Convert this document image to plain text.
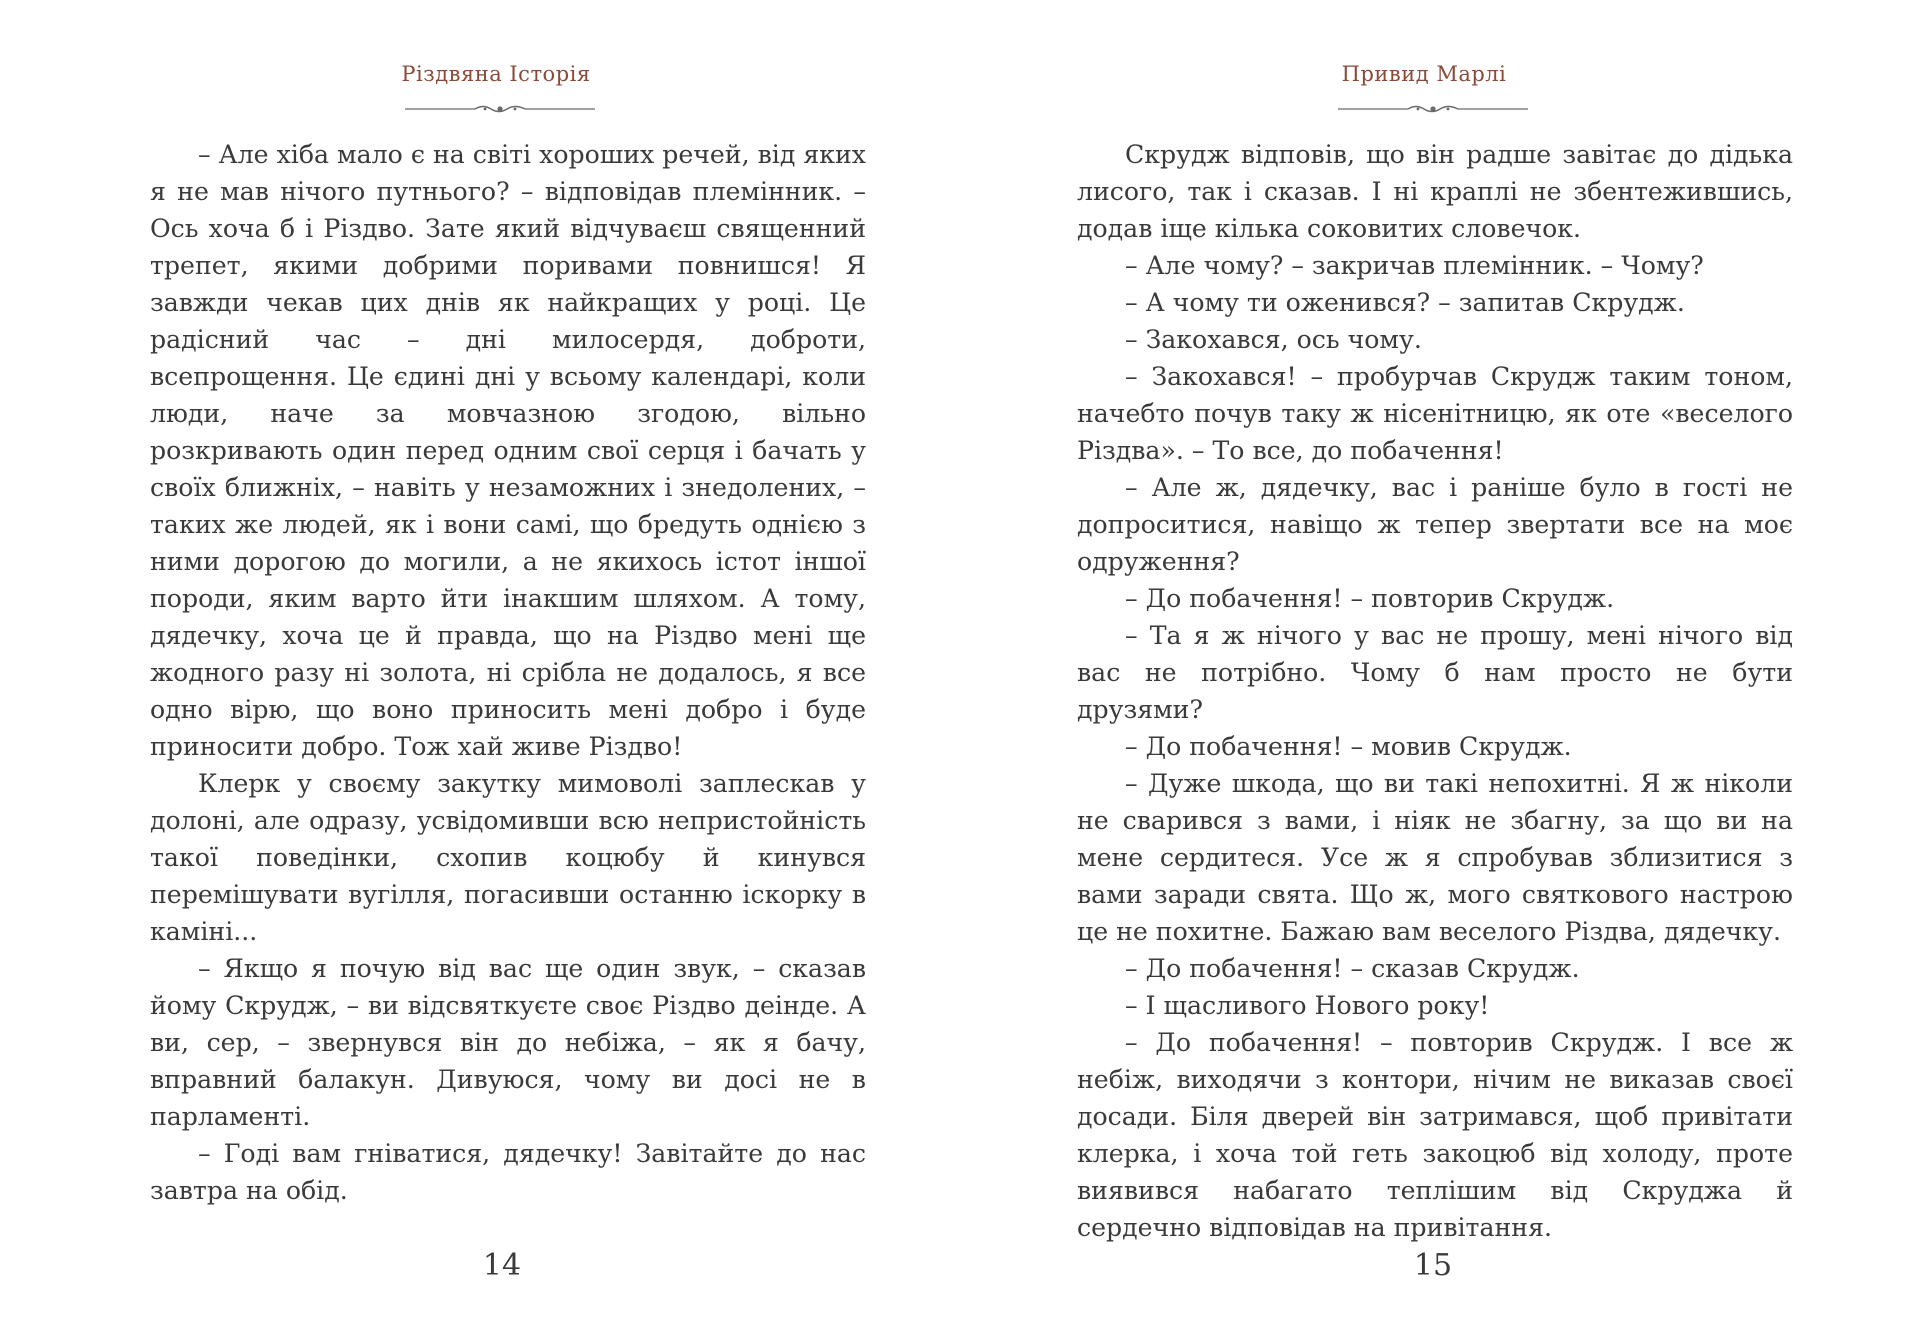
Різдвяна Історія

– Але хіба мало є на світі хороших речей, від яких я не мав нічого путнього? – відповідав племінник. – Ось хоча б і Різдво. Зате який відчуваєш священний трепет, якими добрими поривами повнишся! Я завжди чекав цих днів як найкращих у році. Це радісний час – дні милосердя, доброти, всепрощення. Це єдині дні у всьому календарі, коли люди, наче за мовчазною згодою, вільно розкривають один перед одним свої серця і бачать у своїх ближніх, – навіть у незаможних і знедолених, – таких же людей, як і вони самі, що бредуть однією з ними дорогою до могили, а не якихось істот іншої породи, яким варто йти інакшим шляхом. А тому, дядечку, хоча це й правда, що на Різдво мені ще жодного разу ні золота, ні срібла не додалось, я все одно вірю, що воно приносить мені добро і буде приносити добро. Тож хай живе Різдво!

Клерк у своєму закутку мимоволі заплескав у долоні, але одразу, усвідомивши всю непристойність такої поведінки, схопив коцюбу й кинувся перемішувати вугілля, погасивши останню іскорку в каміні...

– Якщо я почую від вас ще один звук, – сказав йому Скрудж, – ви відсвяткуєте своє Різдво деінде. А ви, сер, – звернувся він до небіжа, – як я бачу, вправний балакун. Дивуюся, чому ви досі не в парламенті.

– Годі вам гніватися, дядечку! Завітайте до нас завтра на обід.

14
Привид Марлі

Скрудж відповів, що він радше завітає до дідька лисого, так і сказав. І ні краплі не збентежившись, додав іще кілька соковитих словечок.

– Але чому? – закричав племінник. – Чому?

– А чому ти оженився? – запитав Скрудж.

– Закохався, ось чому.

– Закохався! – пробурчав Скрудж таким тоном, начебто почув таку ж нісенітницю, як оте «веселого Різдва». – То все, до побачення!

– Але ж, дядечку, вас і раніше було в гості не допроситися, навіщо ж тепер звертати все на моє одруження?

– До побачення! – повторив Скрудж.

– Та я ж нічого у вас не прошу, мені нічого від вас не потрібно. Чому б нам просто не бути друзями?

– До побачення! – мовив Скрудж.

– Дуже шкода, що ви такі непохитні. Я ж ніколи не сварився з вами, і ніяк не збагну, за що ви на мене сердитеся. Усе ж я спробував зблизитися з вами заради свята. Що ж, мого святкового настрою це не похитне. Бажаю вам веселого Різдва, дядечку.

– До побачення! – сказав Скрудж.

– І щасливого Нового року!

– До побачення! – повторив Скрудж. І все ж небіж, виходячи з контори, нічим не виказав своєї досади. Біля дверей він затримався, щоб привітати клерка, і хоча той геть закоцюб від холоду, проте виявився набагато теплішим від Скруджа й сердечно відповідав на привітання.

15
